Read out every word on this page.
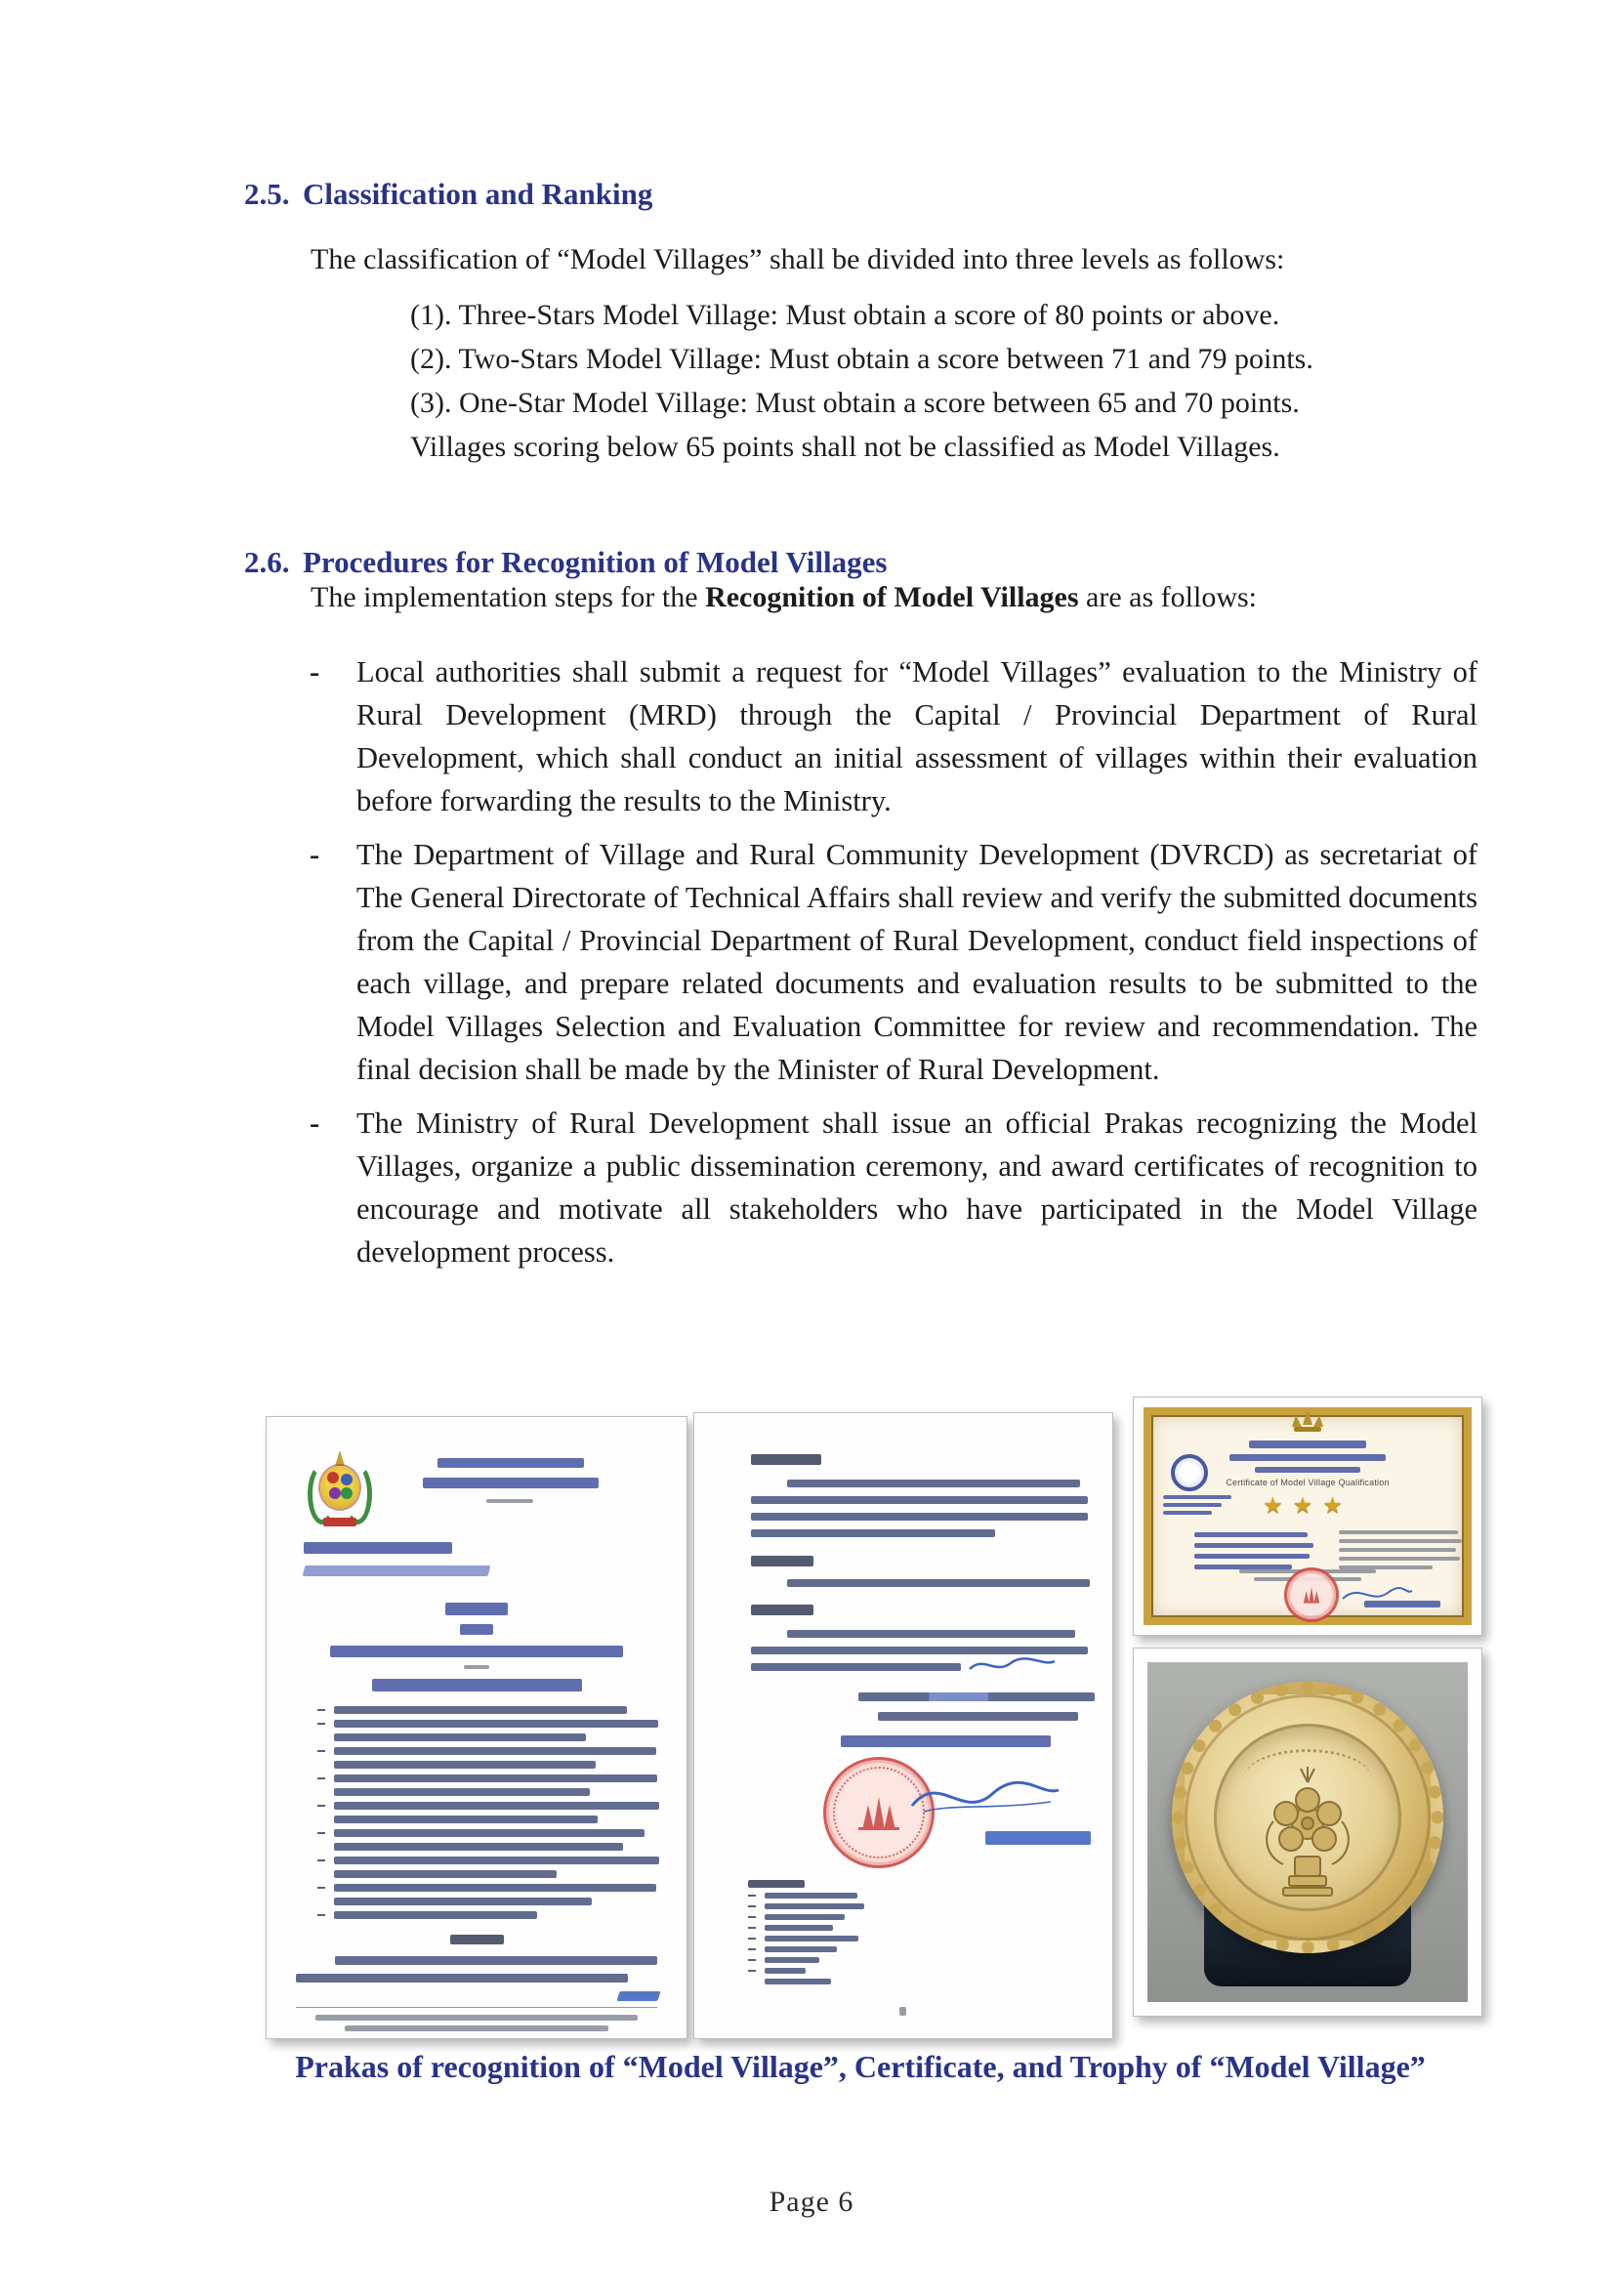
2.5. Classification and Ranking

The classification of “Model Villages” shall be divided into three levels as follows:

(1). Three-Stars Model Village: Must obtain a score of 80 points or above.

(2). Two-Stars Model Village: Must obtain a score between 71 and 79 points.

(3). One-Star Model Village: Must obtain a score between 65 and 70 points.

Villages scoring below 65 points shall not be classified as Model Villages.

2.6. Procedures for Recognition of Model Villages

The implementation steps for the Recognition of Model Villages are as follows:

- Local authorities shall submit a request for “Model Villages” evaluation to the Ministry of Rural Development (MRD) through the Capital / Provincial Department of Rural Development, which shall conduct an initial assessment of villages within their evaluation before forwarding the results to the Ministry.

- The Department of Village and Rural Community Development (DVRCD) as secretariat of The General Directorate of Technical Affairs shall review and verify the submitted documents from the Capital / Provincial Department of Rural Development, conduct field inspections of each village, and prepare related documents and evaluation results to be submitted to the Model Villages Selection and Evaluation Committee for review and recommendation. The final decision shall be made by the Minister of Rural Development.

- The Ministry of Rural Development shall issue an official Prakas recognizing the Model Villages, organize a public dissemination ceremony, and award certificates of recognition to encourage and motivate all stakeholders who have participated in the Model Village development process.

Certificate of Model Village Qualification
★★★
Prakas of recognition of “Model Village”, Certificate, and Trophy of “Model Village”
Page 6
